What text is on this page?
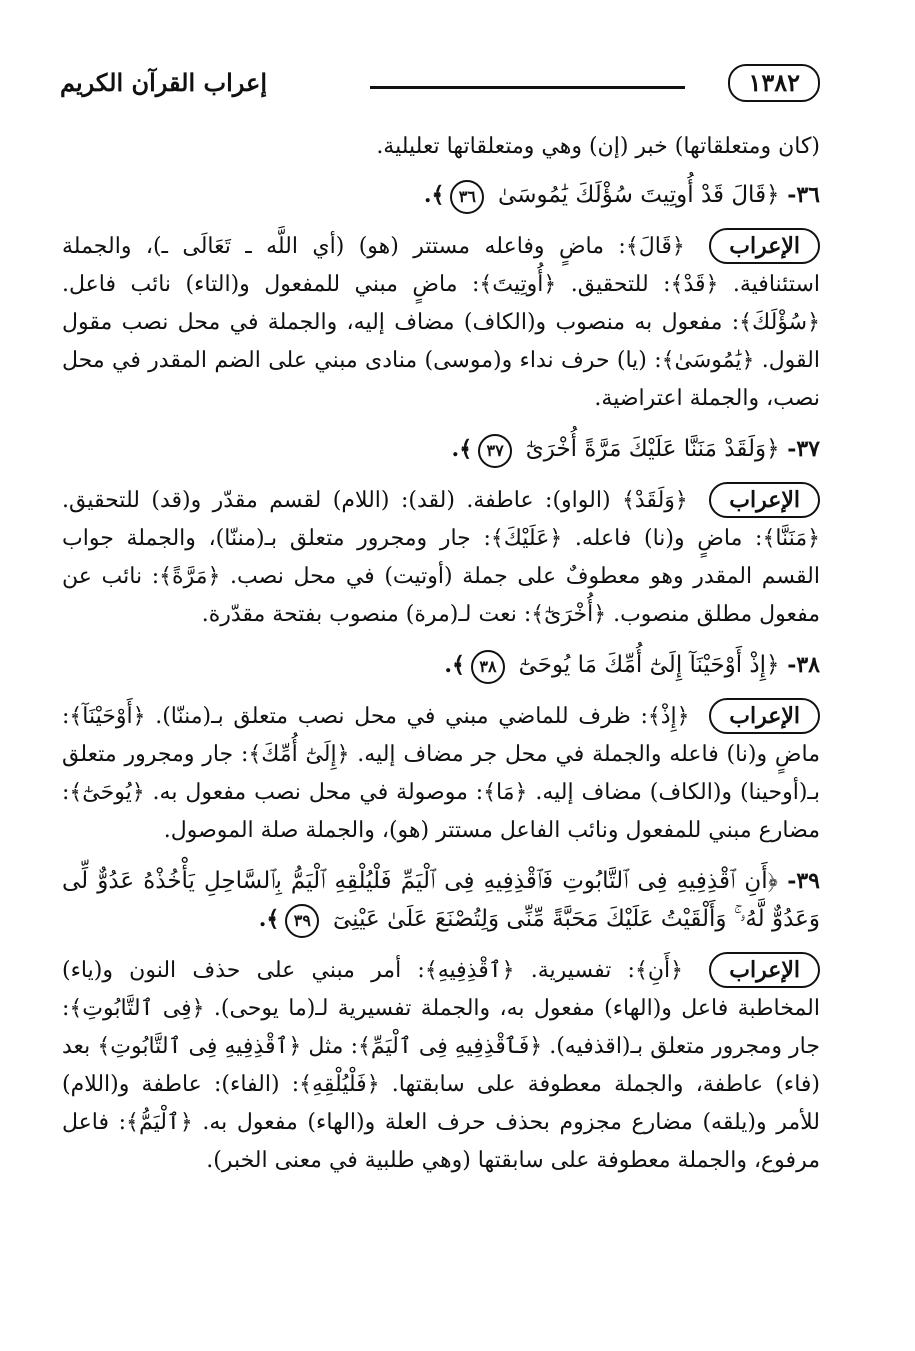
١٣٨٢
إعراب القرآن الكريم

(كان ومتعلقاتها) خبر (إن) وهي ومتعلقاتها تعليلية.

٣٦- ﴿قَالَ قَدْ أُوتِيتَ سُؤْلَكَ يَٰمُوسَىٰ ٣٦﴾.

الإعراب ﴿قَالَ﴾: ماضٍ وفاعله مستتر (هو) (أي اللَّه ـ تَعَالَى ـ)، والجملة استئنافية. ﴿قَدْ﴾: للتحقيق. ﴿أُوتِيتَ﴾: ماضٍ مبني للمفعول و(التاء) نائب فاعل. ﴿سُؤْلَكَ﴾: مفعول به منصوب و(الكاف) مضاف إليه، والجملة في محل نصب مقول القول. ﴿يَٰمُوسَىٰ﴾: (يا) حرف نداء و(موسى) منادى مبني على الضم المقدر في محل نصب، والجملة اعتراضية.

٣٧- ﴿وَلَقَدْ مَنَنَّا عَلَيْكَ مَرَّةً أُخْرَىٰٓ ٣٧﴾.

الإعراب ﴿وَلَقَدْ﴾ (الواو): عاطفة. (لقد): (اللام) لقسم مقدّر و(قد) للتحقيق. ﴿مَنَنَّا﴾: ماضٍ و(نا) فاعله. ﴿عَلَيْكَ﴾: جار ومجرور متعلق بـ(مننّا)، والجملة جواب القسم المقدر وهو معطوفٌ على جملة (أوتيت) في محل نصب. ﴿مَرَّةً﴾: نائب عن مفعول مطلق منصوب. ﴿أُخْرَىٰٓ﴾: نعت لـ(مرة) منصوب بفتحة مقدّرة.

٣٨- ﴿إِذْ أَوْحَيْنَآ إِلَىٰٓ أُمِّكَ مَا يُوحَىٰٓ ٣٨﴾.

الإعراب ﴿إِذْ﴾: ظرف للماضي مبني في محل نصب متعلق بـ(مننّا). ﴿أَوْحَيْنَآ﴾: ماضٍ و(نا) فاعله والجملة في محل جر مضاف إليه. ﴿إِلَىٰٓ أُمِّكَ﴾: جار ومجرور متعلق بـ(أوحينا) و(الكاف) مضاف إليه. ﴿مَا﴾: موصولة في محل نصب مفعول به. ﴿يُوحَىٰٓ﴾: مضارع مبني للمفعول ونائب الفاعل مستتر (هو)، والجملة صلة الموصول.

٣٩- ﴿أَنِ ٱقْذِفِيهِ فِى ٱلتَّابُوتِ فَٱقْذِفِيهِ فِى ٱلْيَمِّ فَلْيُلْقِهِ ٱلْيَمُّ بِٱلسَّاحِلِ يَأْخُذْهُ عَدُوٌّ لِّى وَعَدُوٌّ لَّهُۥ ۚ وَأَلْقَيْتُ عَلَيْكَ مَحَبَّةً مِّنِّى وَلِتُصْنَعَ عَلَىٰ عَيْنِىٓ ٣٩﴾.

الإعراب ﴿أَنِ﴾: تفسيرية. ﴿ٱقْذِفِيهِ﴾: أمر مبني على حذف النون و(ياء) المخاطبة فاعل و(الهاء) مفعول به، والجملة تفسيرية لـ(ما يوحى). ﴿فِى ٱلتَّابُوتِ﴾: جار ومجرور متعلق بـ(اقذفيه). ﴿فَٱقْذِفِيهِ فِى ٱلْيَمِّ﴾: مثل ﴿ٱقْذِفِيهِ فِى ٱلتَّابُوتِ﴾ بعد (فاء) عاطفة، والجملة معطوفة على سابقتها. ﴿فَلْيُلْقِهِ﴾: (الفاء): عاطفة و(اللام) للأمر و(يلقه) مضارع مجزوم بحذف حرف العلة و(الهاء) مفعول به. ﴿ٱلْيَمُّ﴾: فاعل مرفوع، والجملة معطوفة على سابقتها (وهي طلبية في معنى الخبر).
